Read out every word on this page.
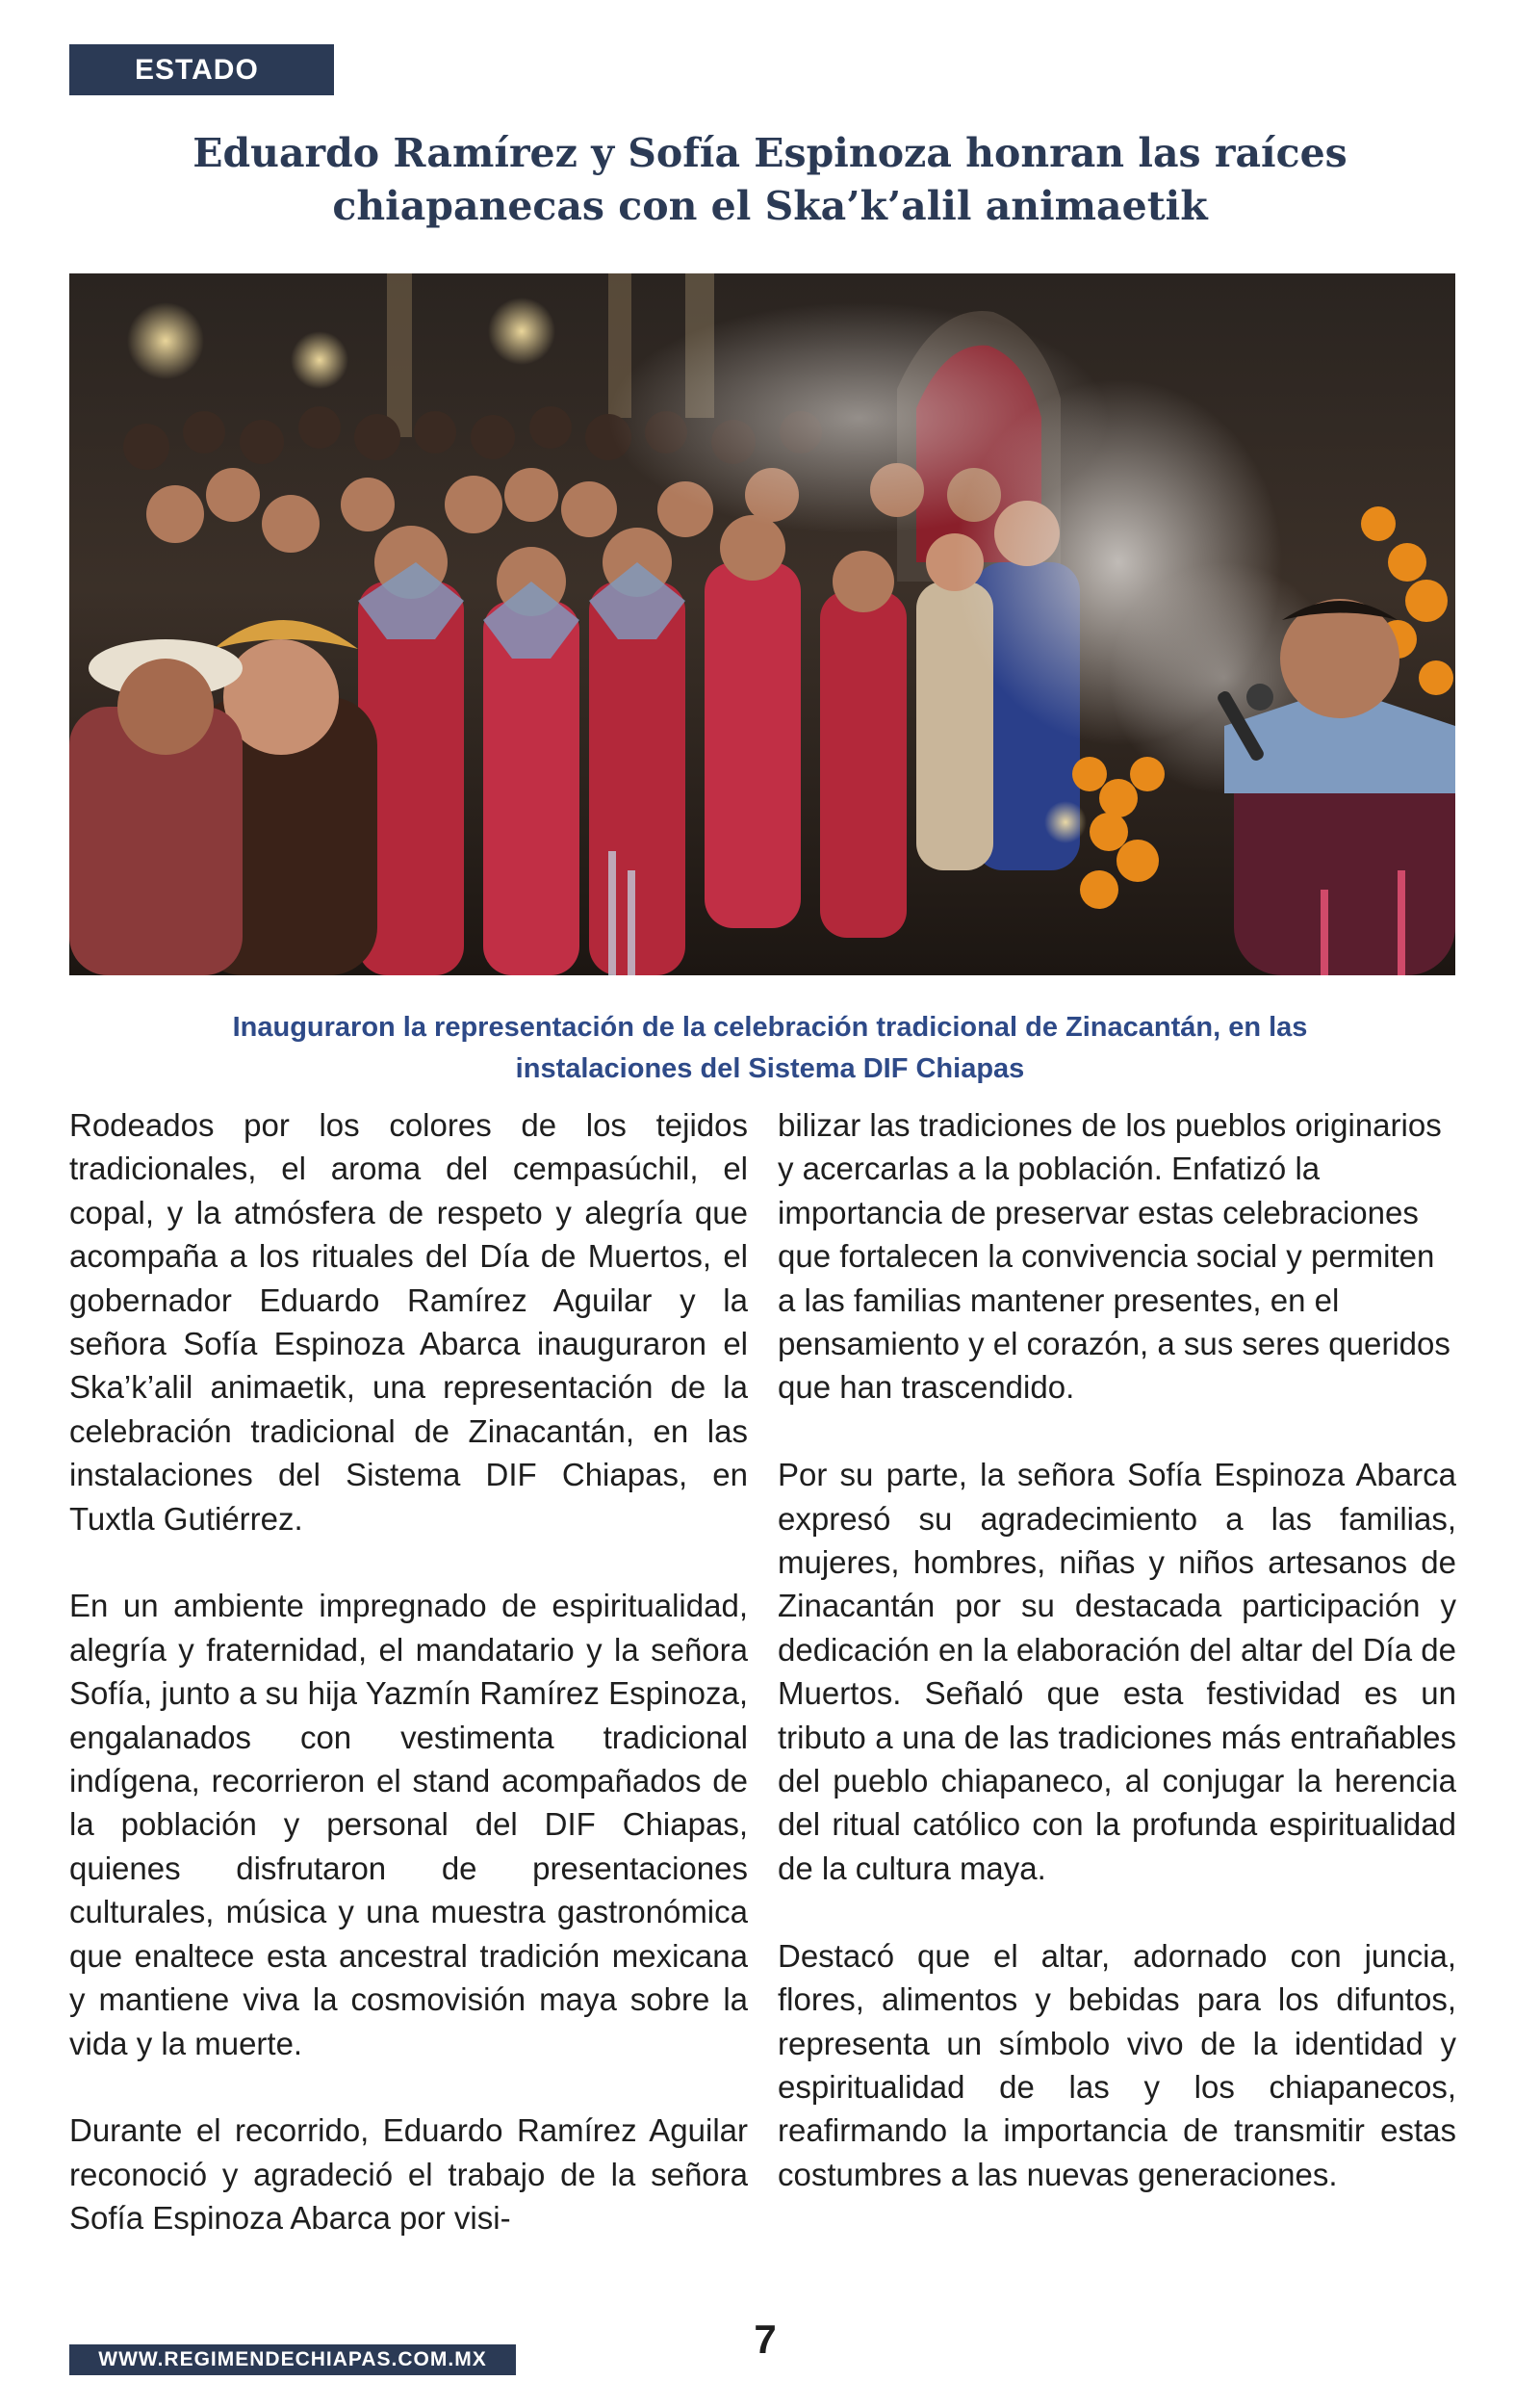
ESTADO
Eduardo Ramírez y Sofía Espinoza honran las raíces
chiapanecas con el Ska’k’alil animaetik

Inauguraron la representación de la celebración tradicional de Zinacantán, en las
instalaciones del Sistema DIF Chiapas

Rodeados por los colores de los tejidos tradicionales, el aroma del cempasúchil, el copal, y la atmósfera de respeto y alegría que acompaña a los rituales del Día de Muertos, el gobernador Eduardo Ramírez Aguilar y la señora Sofía Espinoza Abarca inauguraron el Ska’k’alil animaetik, una representación de la celebración tradicional de Zinacantán, en las instalaciones del Sistema DIF Chiapas, en Tuxtla Gutiérrez.

En un ambiente impregnado de espiritualidad, alegría y fraternidad, el mandatario y la señora Sofía, junto a su hija Yazmín Ramírez Espinoza, engalanados con vestimenta tradicional indígena, recorrieron el stand acompañados de la población y personal del DIF Chiapas, quienes disfrutaron de presentaciones culturales, música y una muestra gastronómica que enaltece esta ancestral tradición mexicana y mantiene viva la cosmovisión maya sobre la vida y la muerte.

Durante el recorrido, Eduardo Ramírez Aguilar reconoció y agradeció el trabajo de la señora Sofía Espinoza Abarca por visi-

bilizar las tradiciones de los pueblos originarios y acercarlas a la población. Enfatizó la importancia de preservar estas celebraciones que fortalecen la convivencia social y permiten a las familias mantener presentes, en el pensamiento y el corazón, a sus seres queridos que han trascendido.

Por su parte, la señora Sofía Espinoza Abarca expresó su agradecimiento a las familias, mujeres, hombres, niñas y niños artesanos de Zinacantán por su destacada participación y dedicación en la elaboración del altar del Día de Muertos. Señaló que esta festividad es un tributo a una de las tradiciones más entrañables del pueblo chiapaneco, al conjugar la herencia del ritual católico con la profunda espiritualidad de la cultura maya.

Destacó que el altar, adornado con juncia, flores, alimentos y bebidas para los difuntos, representa un símbolo vivo de la identidad y espiritualidad de las y los chiapanecos, reafirmando la importancia de transmitir estas costumbres a las nuevas generaciones.

7
WWW.REGIMENDECHIAPAS.COM.MX
